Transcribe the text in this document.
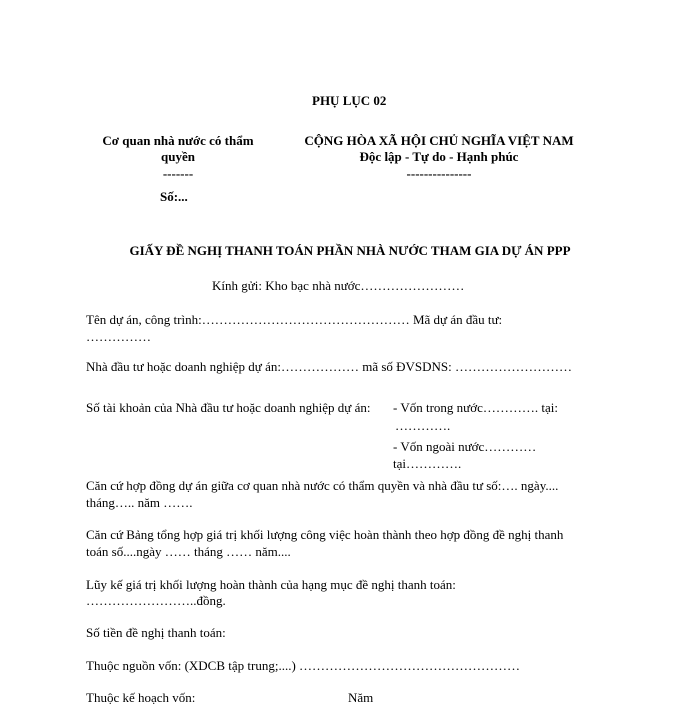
PHỤ LỤC 02
Cơ quan nhà nước có thẩm
quyền
-------
Số:...
CỘNG HÒA XÃ HỘI CHỦ NGHĨA VIỆT NAM
Độc lập - Tự do - Hạnh phúc
---------------
GIẤY ĐỀ NGHỊ THANH TOÁN PHẦN NHÀ NƯỚC THAM GIA DỰ ÁN PPP
Kính gửi: Kho bạc nhà nước……………………
Tên dự án, công trình:………………………………………… Mã dự án đầu tư:
……………
Nhà đầu tư hoặc doanh nghiệp dự án:……………… mã số ĐVSDNS: ………………………
Số tài khoản của Nhà đầu tư hoặc doanh nghiệp dự án: - Vốn trong nước…………. tại:
………….
- Vốn ngoài nước…………
tại………….
Căn cứ hợp đồng dự án giữa cơ quan nhà nước có thẩm quyền và nhà đầu tư số:…. ngày....
tháng….. năm …….
Căn cứ Bảng tổng hợp giá trị khối lượng công việc hoàn thành theo hợp đồng đề nghị thanh
toán số....ngày …… tháng …… năm....
Lũy kế giá trị khối lượng hoàn thành của hạng mục đề nghị thanh toán:
……………………..đồng.
Số tiền đề nghị thanh toán:
Thuộc nguồn vốn: (XDCB tập trung;....) ……………………………………………
Thuộc kế hoạch vốn:	Năm
